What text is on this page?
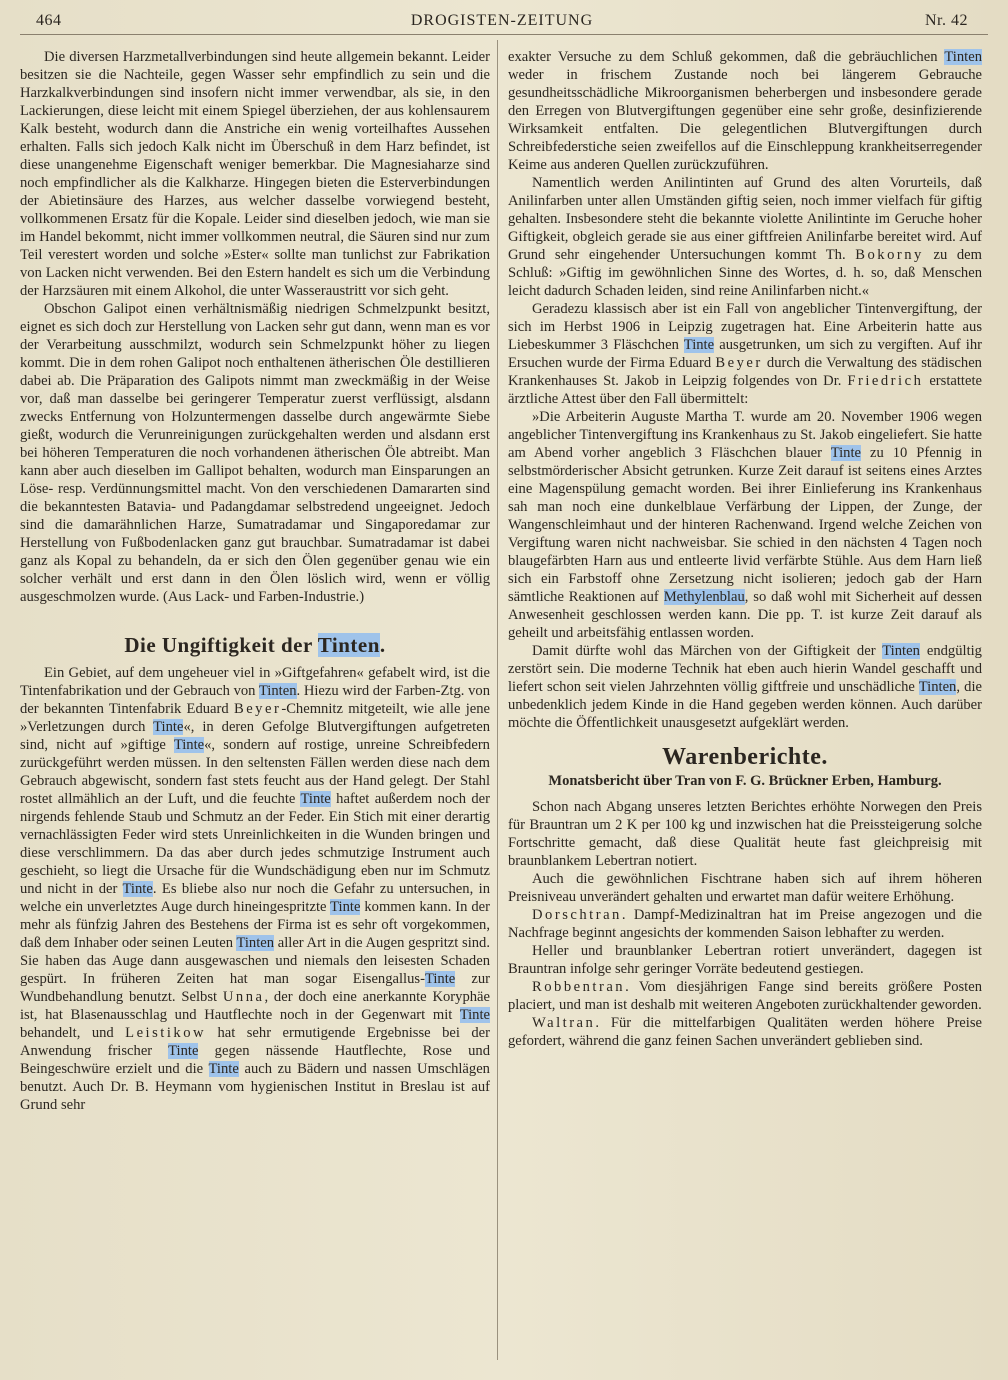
464	DROGISTEN-ZEITUNG	Nr. 42

Die diversen Harzmetallverbindungen sind heute allgemein bekannt. Leider besitzen sie die Nachteile, gegen Wasser sehr empfindlich zu sein und die Harzkalkverbindungen sind insofern nicht immer verwendbar, als sie, in den Lackierungen, diese leicht mit einem Spiegel überziehen, der aus kohlensaurem Kalk besteht, wodurch dann die Anstriche ein wenig vorteilhaftes Aussehen erhalten. Falls sich jedoch Kalk nicht im Überschuß in dem Harz befindet, ist diese unangenehme Eigenschaft weniger bemerkbar. Die Magnesiaharze sind noch empfindlicher als die Kalkharze. Hingegen bieten die Esterverbindungen der Abietinsäure des Harzes, aus welcher dasselbe vorwiegend besteht, vollkommenen Ersatz für die Kopale. Leider sind dieselben jedoch, wie man sie im Handel bekommt, nicht immer vollkommen neutral, die Säuren sind nur zum Teil verestert worden und solche »Ester« sollte man tunlichst zur Fabrikation von Lacken nicht verwenden. Bei den Estern handelt es sich um die Verbindung der Harzsäuren mit einem Alkohol, die unter Wasseraustritt vor sich geht.

Obschon Galipot einen verhältnismäßig niedrigen Schmelzpunkt besitzt, eignet es sich doch zur Herstellung von Lacken sehr gut dann, wenn man es vor der Verarbeitung ausschmilzt, wodurch sein Schmelzpunkt höher zu liegen kommt. Die in dem rohen Galipot noch enthaltenen ätherischen Öle destillieren dabei ab. Die Präparation des Galipots nimmt man zweckmäßig in der Weise vor, daß man dasselbe bei geringerer Temperatur zuerst verflüssigt, alsdann zwecks Entfernung von Holzuntermengen dasselbe durch angewärmte Siebe gießt, wodurch die Verunreinigungen zurückgehalten werden und alsdann erst bei höheren Temperaturen die noch vorhandenen ätherischen Öle abtreibt. Man kann aber auch dieselben im Gallipot behalten, wodurch man Einsparungen an Löse- resp. Verdünnungsmittel macht. Von den verschiedenen Damararten sind die bekanntesten Batavia- und Padangdamar selbstredend ungeeignet. Jedoch sind die damarähnlichen Harze, Sumatradamar und Singaporedamar zur Herstellung von Fußbodenlacken ganz gut brauchbar. Sumatradamar ist dabei ganz als Kopal zu behandeln, da er sich den Ölen gegenüber genau wie ein solcher verhält und erst dann in den Ölen löslich wird, wenn er völlig ausgeschmolzen wurde. (Aus Lack- und Farben-Industrie.)

Die Ungiftigkeit der Tinten.

Ein Gebiet, auf dem ungeheuer viel in »Giftgefahren« gefabelt wird, ist die Tintenfabrikation und der Gebrauch von Tinten. Hiezu wird der Farben-Ztg. von der bekannten Tintenfabrik Eduard Beyer-Chemnitz mitgeteilt, wie alle jene »Verletzungen durch Tinte«, in deren Gefolge Blutvergiftungen aufgetreten sind, nicht auf »giftige Tinte«, sondern auf rostige, unreine Schreibfedern zurückgeführt werden müssen. In den seltensten Fällen werden diese nach dem Gebrauch abgewischt, sondern fast stets feucht aus der Hand gelegt. Der Stahl rostet allmählich an der Luft, und die feuchte Tinte haftet außerdem noch der nirgends fehlende Staub und Schmutz an der Feder. Ein Stich mit einer derartig vernachlässigten Feder wird stets Unreinlichkeiten in die Wunden bringen und diese verschlimmern. Da das aber durch jedes schmutzige Instrument auch geschieht, so liegt die Ursache für die Wundschädigung eben nur im Schmutz und nicht in der Tinte. Es bliebe also nur noch die Gefahr zu untersuchen, in welche ein unverletztes Auge durch hineingespritzte Tinte kommen kann. In der mehr als fünfzig Jahren des Bestehens der Firma ist es sehr oft vorgekommen, daß dem Inhaber oder seinen Leuten Tinten aller Art in die Augen gespritzt sind. Sie haben das Auge dann ausgewaschen und niemals den leisesten Schaden gespürt. In früheren Zeiten hat man sogar Eisengallus-Tinte zur Wundbehandlung benutzt. Selbst Unna, der doch eine anerkannte Koryphäe ist, hat Blasenausschlag und Hautflechte noch in der Gegenwart mit Tinte behandelt, und Leistikow hat sehr ermutigende Ergebnisse bei der Anwendung frischer Tinte gegen nässende Hautflechte, Rose und Beingeschwüre erzielt und die Tinte auch zu Bädern und nassen Umschlägen benutzt. Auch Dr. B. Heymann vom hygienischen Institut in Breslau ist auf Grund sehr

exakter Versuche zu dem Schluß gekommen, daß die gebräuchlichen Tinten weder in frischem Zustande noch bei längerem Gebrauche gesundheitsschädliche Mikroorganismen beherbergen und insbesondere gerade den Erregen von Blutvergiftungen gegenüber eine sehr große, desinfizierende Wirksamkeit entfalten. Die gelegentlichen Blutvergiftungen durch Schreibfederstiche seien zweifellos auf die Einschleppung krankheitserregender Keime aus anderen Quellen zurückzuführen.

Namentlich werden Anilintinten auf Grund des alten Vorurteils, daß Anilinfarben unter allen Umständen giftig seien, noch immer vielfach für giftig gehalten. Insbesondere steht die bekannte violette Anilintinte im Geruche hoher Giftigkeit, obgleich gerade sie aus einer giftfreien Anilinfarbe bereitet wird. Auf Grund sehr eingehender Untersuchungen kommt Th. Bokorny zu dem Schluß: »Giftig im gewöhnlichen Sinne des Wortes, d. h. so, daß Menschen leicht dadurch Schaden leiden, sind reine Anilinfarben nicht.«

Geradezu klassisch aber ist ein Fall von angeblicher Tintenvergiftung, der sich im Herbst 1906 in Leipzig zugetragen hat. Eine Arbeiterin hatte aus Liebeskummer 3 Fläschchen Tinte ausgetrunken, um sich zu vergiften. Auf ihr Ersuchen wurde der Firma Eduard Beyer durch die Verwaltung des städischen Krankenhauses St. Jakob in Leipzig folgendes von Dr. Friedrich erstattete ärztliche Attest über den Fall übermittelt:

»Die Arbeiterin Auguste Martha T. wurde am 20. November 1906 wegen angeblicher Tintenvergiftung ins Krankenhaus zu St. Jakob eingeliefert. Sie hatte am Abend vorher angeblich 3 Fläschchen blauer Tinte zu 10 Pfennig in selbstmörderischer Absicht getrunken. Kurze Zeit darauf ist seitens eines Arztes eine Magenspülung gemacht worden. Bei ihrer Einlieferung ins Krankenhaus sah man noch eine dunkelblaue Verfärbung der Lippen, der Zunge, der Wangenschleimhaut und der hinteren Rachenwand. Irgend welche Zeichen von Vergiftung waren nicht nachweisbar. Sie schied in den nächsten 4 Tagen noch blaugefärbten Harn aus und entleerte livid verfärbte Stühle. Aus dem Harn ließ sich ein Farbstoff ohne Zersetzung nicht isolieren; jedoch gab der Harn sämtliche Reaktionen auf Methylenblau, so daß wohl mit Sicherheit auf dessen Anwesenheit geschlossen werden kann. Die pp. T. ist kurze Zeit darauf als geheilt und arbeitsfähig entlassen worden.

Damit dürfte wohl das Märchen von der Giftigkeit der Tinten endgültig zerstört sein. Die moderne Technik hat eben auch hierin Wandel geschafft und liefert schon seit vielen Jahrzehnten völlig giftfreie und unschädliche Tinten, die unbedenklich jedem Kinde in die Hand gegeben werden können. Auch darüber möchte die Öffentlichkeit unausgesetzt aufgeklärt werden.

Warenberichte.
Monatsbericht über Tran von F. G. Brückner Erben, Hamburg.

Schon nach Abgang unseres letzten Berichtes erhöhte Norwegen den Preis für Brauntran um 2 K per 100 kg und inzwischen hat die Preissteigerung solche Fortschritte gemacht, daß diese Qualität heute fast gleichpreisig mit braunblankem Lebertran notiert.

Auch die gewöhnlichen Fischtrane haben sich auf ihrem höheren Preisniveau unverändert gehalten und erwartet man dafür weitere Erhöhung.

Dorschtran. Dampf-Medizinaltran hat im Preise angezogen und die Nachfrage beginnt angesichts der kommenden Saison lebhafter zu werden.

Heller und braunblanker Lebertran rotiert unverändert, dagegen ist Brauntran infolge sehr geringer Vorräte bedeutend gestiegen.

Robbentran. Vom diesjährigen Fange sind bereits größere Posten placiert, und man ist deshalb mit weiteren Angeboten zurückhaltender geworden.

Waltran. Für die mittelfarbigen Qualitäten werden höhere Preise gefordert, während die ganz feinen Sachen unverändert geblieben sind.
